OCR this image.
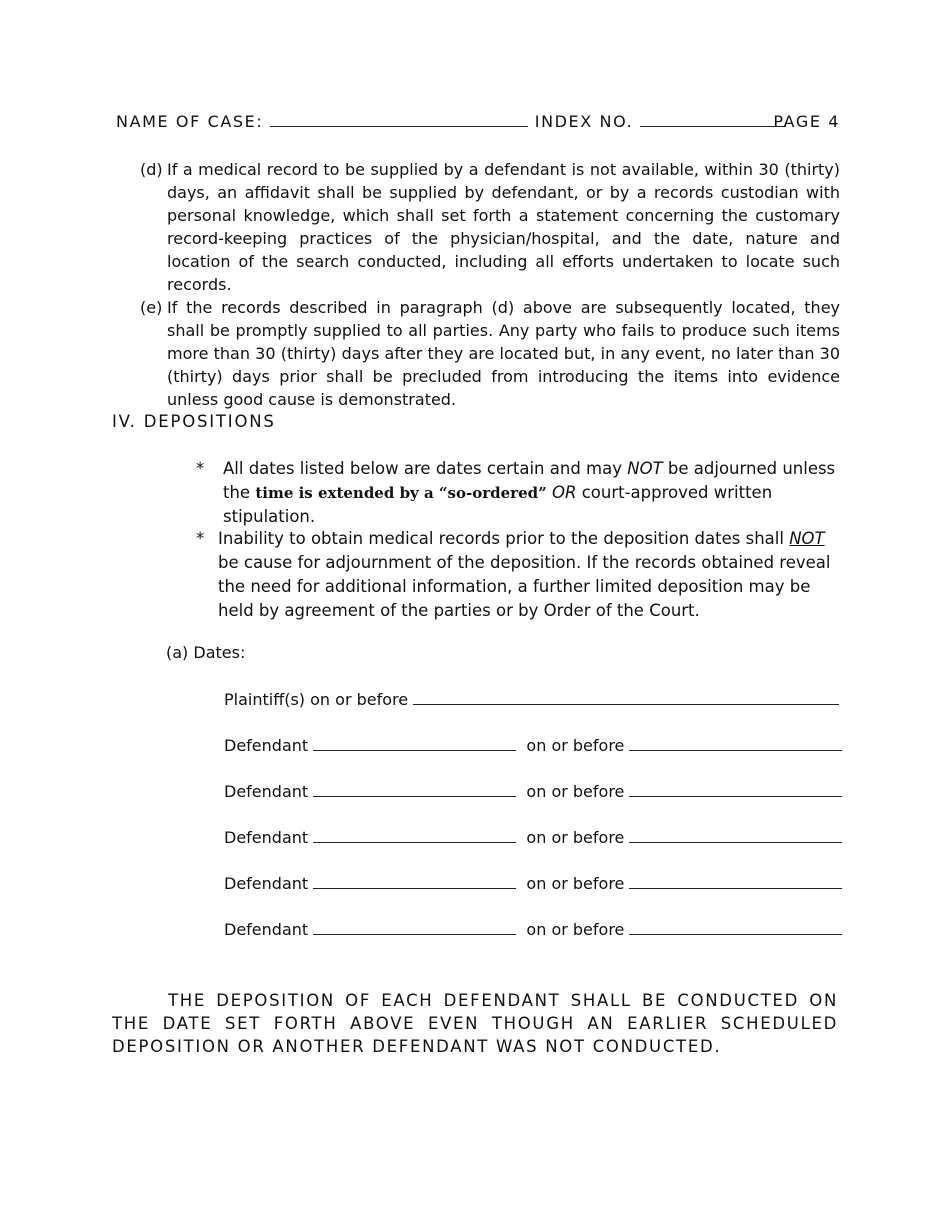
NAME OF CASE:	INDEX NO.	PAGE 4
(d) If a medical record to be supplied by a defendant is not available, within 30 (thirty) days, an affidavit shall be supplied by defendant, or by a records custodian with personal knowledge, which shall set forth a statement concerning the customary record-keeping practices of the physician/hospital, and the date, nature and location of the search conducted, including all efforts undertaken to locate such records.
(e) If the records described in paragraph (d) above are subsequently located, they shall be promptly supplied to all parties. Any party who fails to produce such items more than 30 (thirty) days after they are located but, in any event, no later than 30 (thirty) days prior shall be precluded from introducing the items into evidence unless good cause is demonstrated.
IV. DEPOSITIONS
* All dates listed below are dates certain and may NOT be adjourned unless the time is extended by a “so-ordered” OR court-approved written stipulation.
* Inability to obtain medical records prior to the deposition dates shall NOT be cause for adjournment of the deposition. If the records obtained reveal the need for additional information, a further limited deposition may be held by agreement of the parties or by Order of the Court.
(a) Dates:
Plaintiff(s) on or before
Defendant	on or before
Defendant	on or before
Defendant	on or before
Defendant	on or before
Defendant	on or before
THE DEPOSITION OF EACH DEFENDANT SHALL BE CONDUCTED ON THE DATE SET FORTH ABOVE EVEN THOUGH AN EARLIER SCHEDULED DEPOSITION OR ANOTHER DEFENDANT WAS NOT CONDUCTED.
